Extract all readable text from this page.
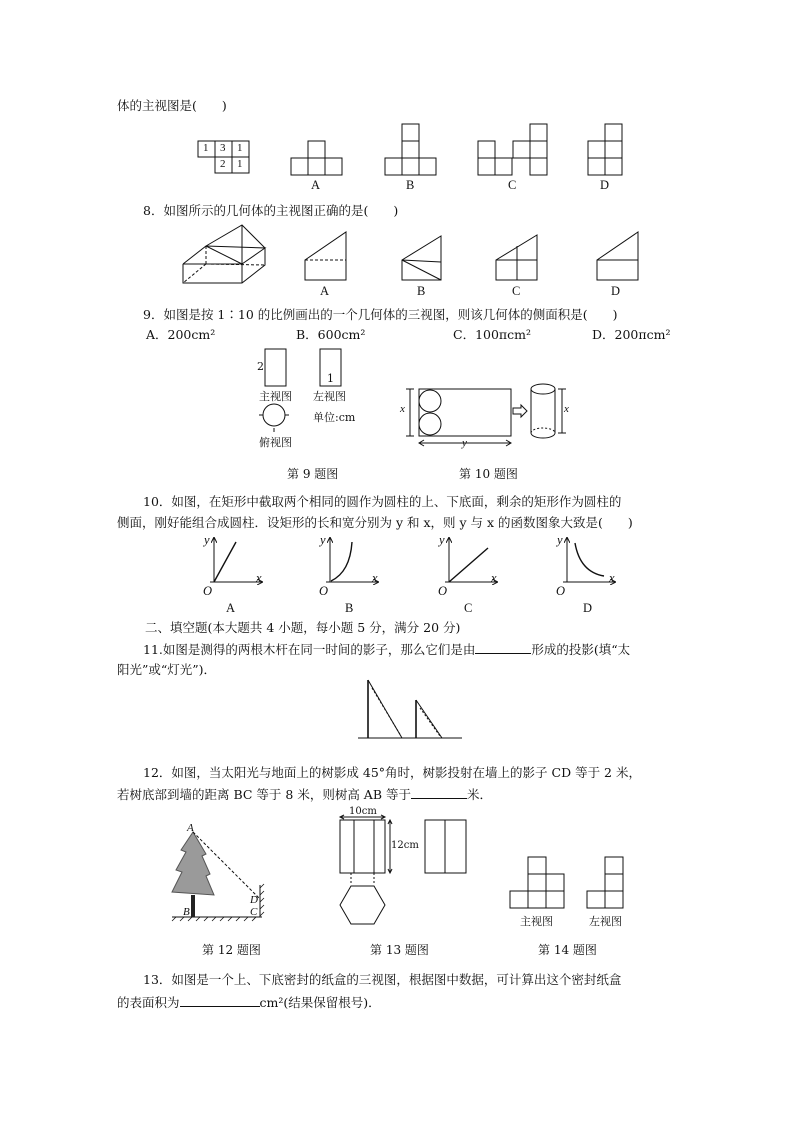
体的主视图是(　　)
1 3 1
2 1
A	B	C	D
8．如图所示的几何体的主视图正确的是(　　)
A	B	C	D
9．如图是按 1∶10 的比例画出的一个几何体的三视图，则该几何体的侧面积是(　　)
A．200cm²	B．600cm²	C．100πcm²	D．200πcm²
2
1
主视图 左视图
单位:cm
俯视图
第 9 题图
x
y
x
第 10 题图
10．如图，在矩形中截取两个相同的圆作为圆柱的上、下底面，剩余的矩形作为圆柱的
侧面，刚好能组合成圆柱．设矩形的长和宽分别为 y 和 x，则 y 与 x 的函数图象大致是(　　)
y
O
x
y
O
x
y
O
x
y
O
x
A	B	C	D
二、填空题(本大题共 4 小题，每小题 5 分，满分 20 分)
11.如图是测得的两根木杆在同一时间的影子，那么它们是由	形成的投影(填“太
阳光”或“灯光”)．
12．如图，当太阳光与地面上的树影成 45°角时，树影投射在墙上的影子 CD 等于 2 米，
若树底部到墙的距离 BC 等于 8 米，则树高 AB 等于	米．
A
B	C
D
第 12 题图
10cm
12cm
第 13 题图
主视图	左视图
第 14 题图
13．如图是一个上、下底密封的纸盒的三视图，根据图中数据，可计算出这个密封纸盒
的表面积为	cm²(结果保留根号)．
